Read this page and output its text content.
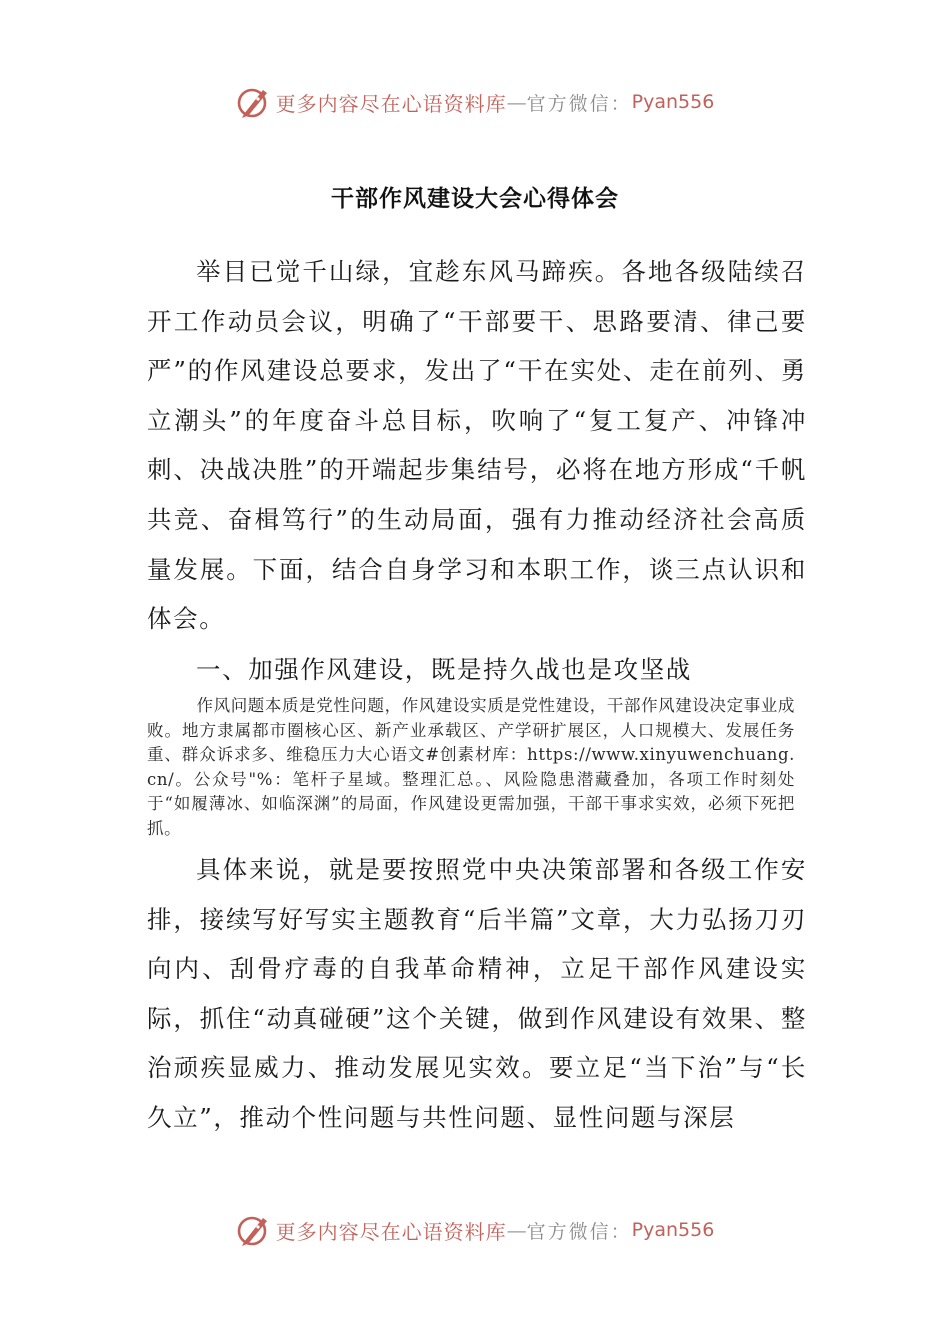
更多内容尽在心语资料库 — 官方微信： Pyan556
干部作风建设大会心得体会

举目已觉千山绿，宜趁东风马蹄疾。各地各级陆续召开工作动员会议，明确了“干部要干、思路要清、律己要严”的作风建设总要求，发出了“干在实处、走在前列、勇立潮头”的年度奋斗总目标，吹响了“复工复产、冲锋冲刺、决战决胜”的开端起步集结号，必将在地方形成“千帆共竞、奋楫笃行”的生动局面，强有力推动经济社会高质量发展。下面，结合自身学习和本职工作，谈三点认识和体会。

一、加强作风建设，既是持久战也是攻坚战

作风问题本质是党性问题，作风建设实质是党性建设，干部作风建设决定事业成败。地方隶属都市圈核心区、新产业承载区、产学研扩展区，人口规模大、发展任务重、群众诉求多、维稳压力大心语文#创素材库：https://www.xinyuwenchuang.cn/。公众号"%：笔杆子星域。整理汇总。、风险隐患潜藏叠加，各项工作时刻处于“如履薄冰、如临深渊”的局面，作风建设更需加强，干部干事求实效，必须下死把抓。

具体来说，就是要按照党中央决策部署和各级工作安排，接续写好写实主题教育“后半篇”文章，大力弘扬刀刃向内、刮骨疗毒的自我革命精神，立足干部作风建设实际，抓住“动真碰硬”这个关键，做到作风建设有效果、整治顽疾显威力、推动发展见实效。要立足“当下治”与“长久立”，推动个性问题与共性问题、显性问题与深层

更多内容尽在心语资料库 — 官方微信： Pyan556
